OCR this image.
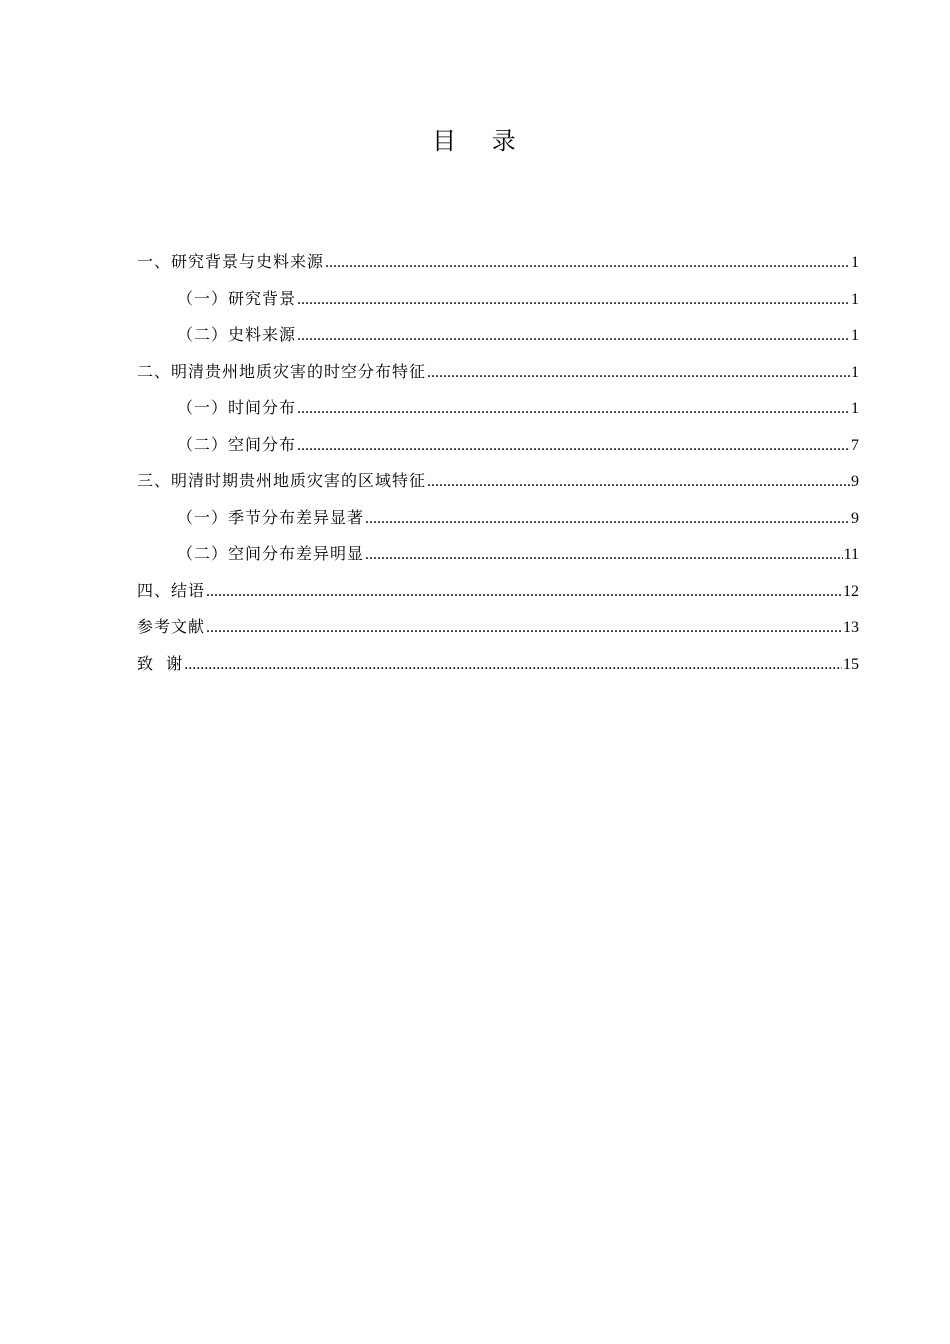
目 录
一、研究背景与史料来源 .....	1
（一）研究背景 .....	1
（二）史料来源 .....	1
二、明清贵州地质灾害的时空分布特征 .....	1
（一）时间分布 .....	1
（二）空间分布 .....	7
三、明清时期贵州地质灾害的区域特征 .....	9
（一）季节分布差异显著 .....	9
（二）空间分布差异明显 .....	11
四、结语 .....	12
参考文献 .....	13
致  谢 .....	15
